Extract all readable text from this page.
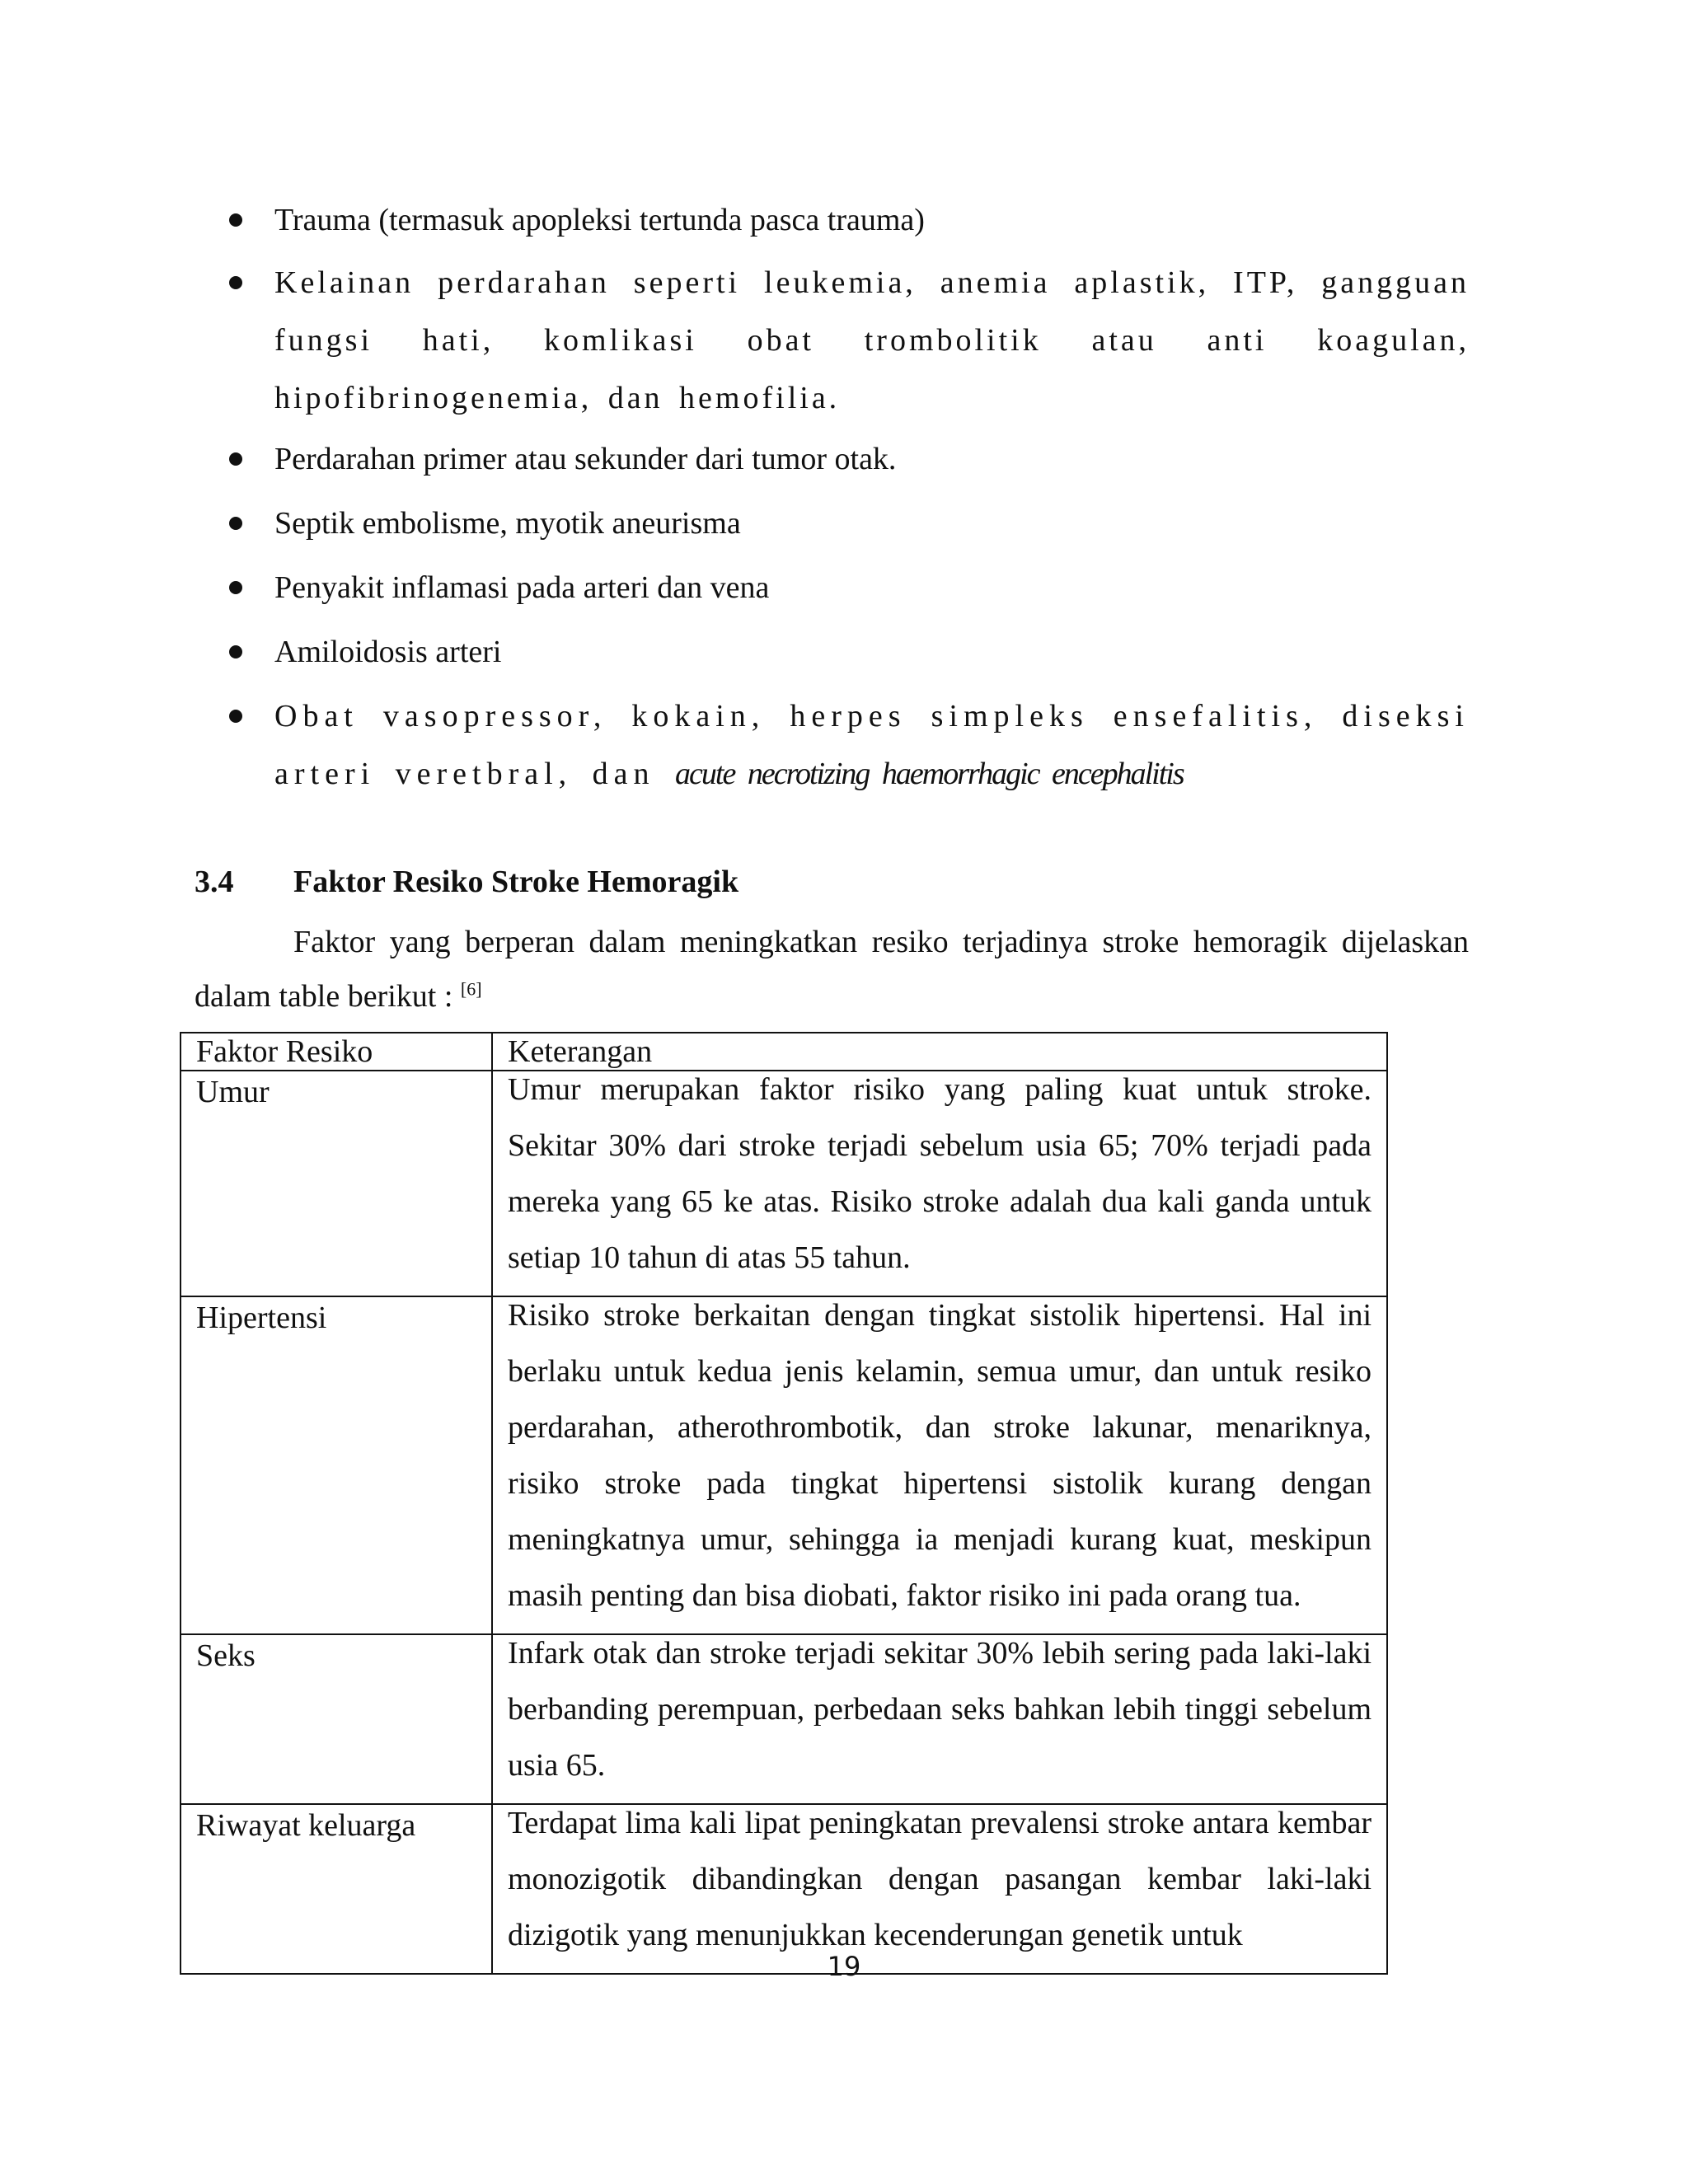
Trauma (termasuk apopleksi tertunda pasca trauma)
Kelainan perdarahan seperti leukemia, anemia aplastik, ITP, gangguan fungsi hati, komlikasi obat trombolitik atau anti koagulan, hipofibrinogenemia, dan hemofilia.
Perdarahan primer atau sekunder dari tumor otak.
Septik embolisme, myotik aneurisma
Penyakit inflamasi pada arteri dan vena
Amiloidosis arteri
Obat vasopressor, kokain, herpes simpleks ensefalitis, diseksi arteri veretbral, dan acute necrotizing haemorrhagic encephalitis
3.4 Faktor Resiko Stroke Hemoragik
Faktor yang berperan dalam meningkatkan resiko terjadinya stroke hemoragik dijelaskan dalam table berikut : [6]
Faktor Resiko	Keterangan

Umur	Umur merupakan faktor risiko yang paling kuat untuk stroke. Sekitar 30% dari stroke terjadi sebelum usia 65; 70% terjadi pada mereka yang 65 ke atas. Risiko stroke adalah dua kali ganda untuk setiap 10 tahun di atas 55 tahun.

Hipertensi	Risiko stroke berkaitan dengan tingkat sistolik hipertensi. Hal ini berlaku untuk kedua jenis kelamin, semua umur, dan untuk resiko perdarahan, atherothrombotik, dan stroke lakunar, menariknya, risiko stroke pada tingkat hipertensi sistolik kurang dengan meningkatnya umur, sehingga ia menjadi kurang kuat, meskipun masih penting dan bisa diobati, faktor risiko ini pada orang tua.

Seks	Infark otak dan stroke terjadi sekitar 30% lebih sering pada laki-laki berbanding perempuan, perbedaan seks bahkan lebih tinggi sebelum usia 65.

Riwayat keluarga	Terdapat lima kali lipat peningkatan prevalensi stroke antara kembar monozigotik dibandingkan dengan pasangan kembar laki-laki dizigotik yang menunjukkan kecenderungan genetik untuk
19
